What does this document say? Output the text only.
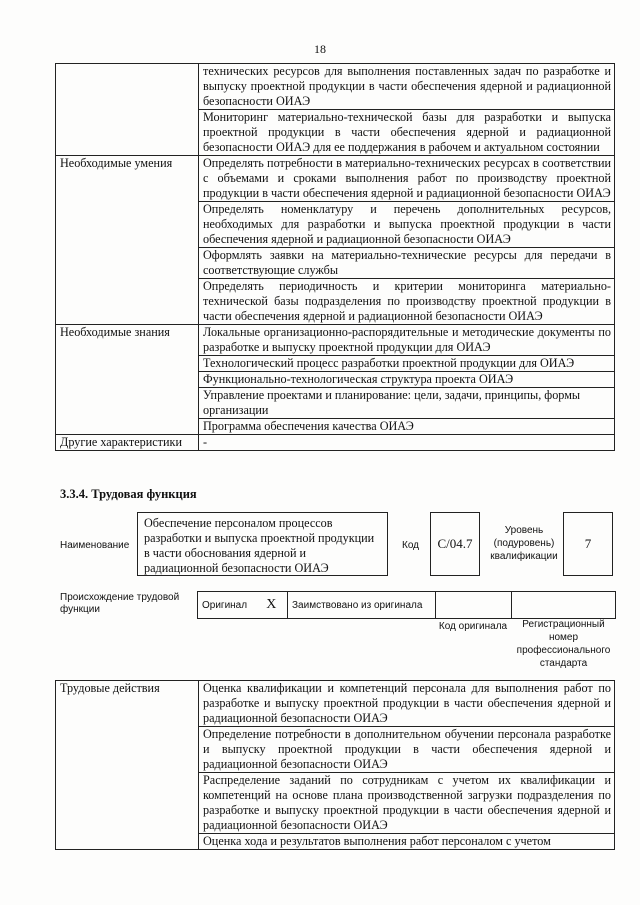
18
	технических ресурсов для выполнения поставленных задач по разработке и выпуску проектной продукции в части обеспечения ядерной и радиационной безопасности ОИАЭ
	Мониторинг материально-технической базы для разработки и выпуска проектной продукции в части обеспечения ядерной и радиационной безопасности ОИАЭ для ее поддержания в рабочем и актуальном состоянии
Необходимые умения	Определять потребности в материально-технических ресурсах в соответствии с объемами и сроками выполнения работ по производству проектной продукции в части обеспечения ядерной и радиационной безопасности ОИАЭ
	Определять номенклатуру и перечень дополнительных ресурсов, необходимых для разработки и выпуска проектной продукции в части обеспечения ядерной и радиационной безопасности ОИАЭ
	Оформлять заявки на материально-технические ресурсы для передачи в соответствующие службы
	Определять периодичность и критерии мониторинга материально-технической базы подразделения по производству проектной продукции в части обеспечения ядерной и радиационной безопасности ОИАЭ
Необходимые знания	Локальные организационно-распорядительные и методические документы по разработке и выпуску проектной продукции для ОИАЭ
	Технологический процесс разработки проектной продукции для ОИАЭ
	Функционально-технологическая структура проекта ОИАЭ
	Управление проектами и планирование: цели, задачи, принципы, формы организации
	Программа обеспечения качества ОИАЭ
Другие характеристики	-
3.3.4. Трудовая функция
Наименование
Обеспечение персоналом процессов разработки и выпуска проектной продукции в части обоснования ядерной и радиационной безопасности ОИАЭ
Код	C/04.7
Уровень (подуровень) квалификации
7
Происхождение трудовой функции	Оригинал	X	Заимствовано из оригинала		
Код оригинала	Регистрационный номер профессионального стандарта
Трудовые действия	Оценка квалификации и компетенций персонала для выполнения работ по разработке и выпуску проектной продукции в части обеспечения ядерной и радиационной безопасности ОИАЭ
Определение потребности в дополнительном обучении персонала разработке и выпуску проектной продукции в части обеспечения ядерной и радиационной безопасности ОИАЭ
Распределение заданий по сотрудникам с учетом их квалификации и компетенций на основе плана производственной загрузки подразделения по разработке и выпуску проектной продукции в части обеспечения ядерной и радиационной безопасности ОИАЭ
Оценка хода и результатов выполнения работ персоналом с учетом
